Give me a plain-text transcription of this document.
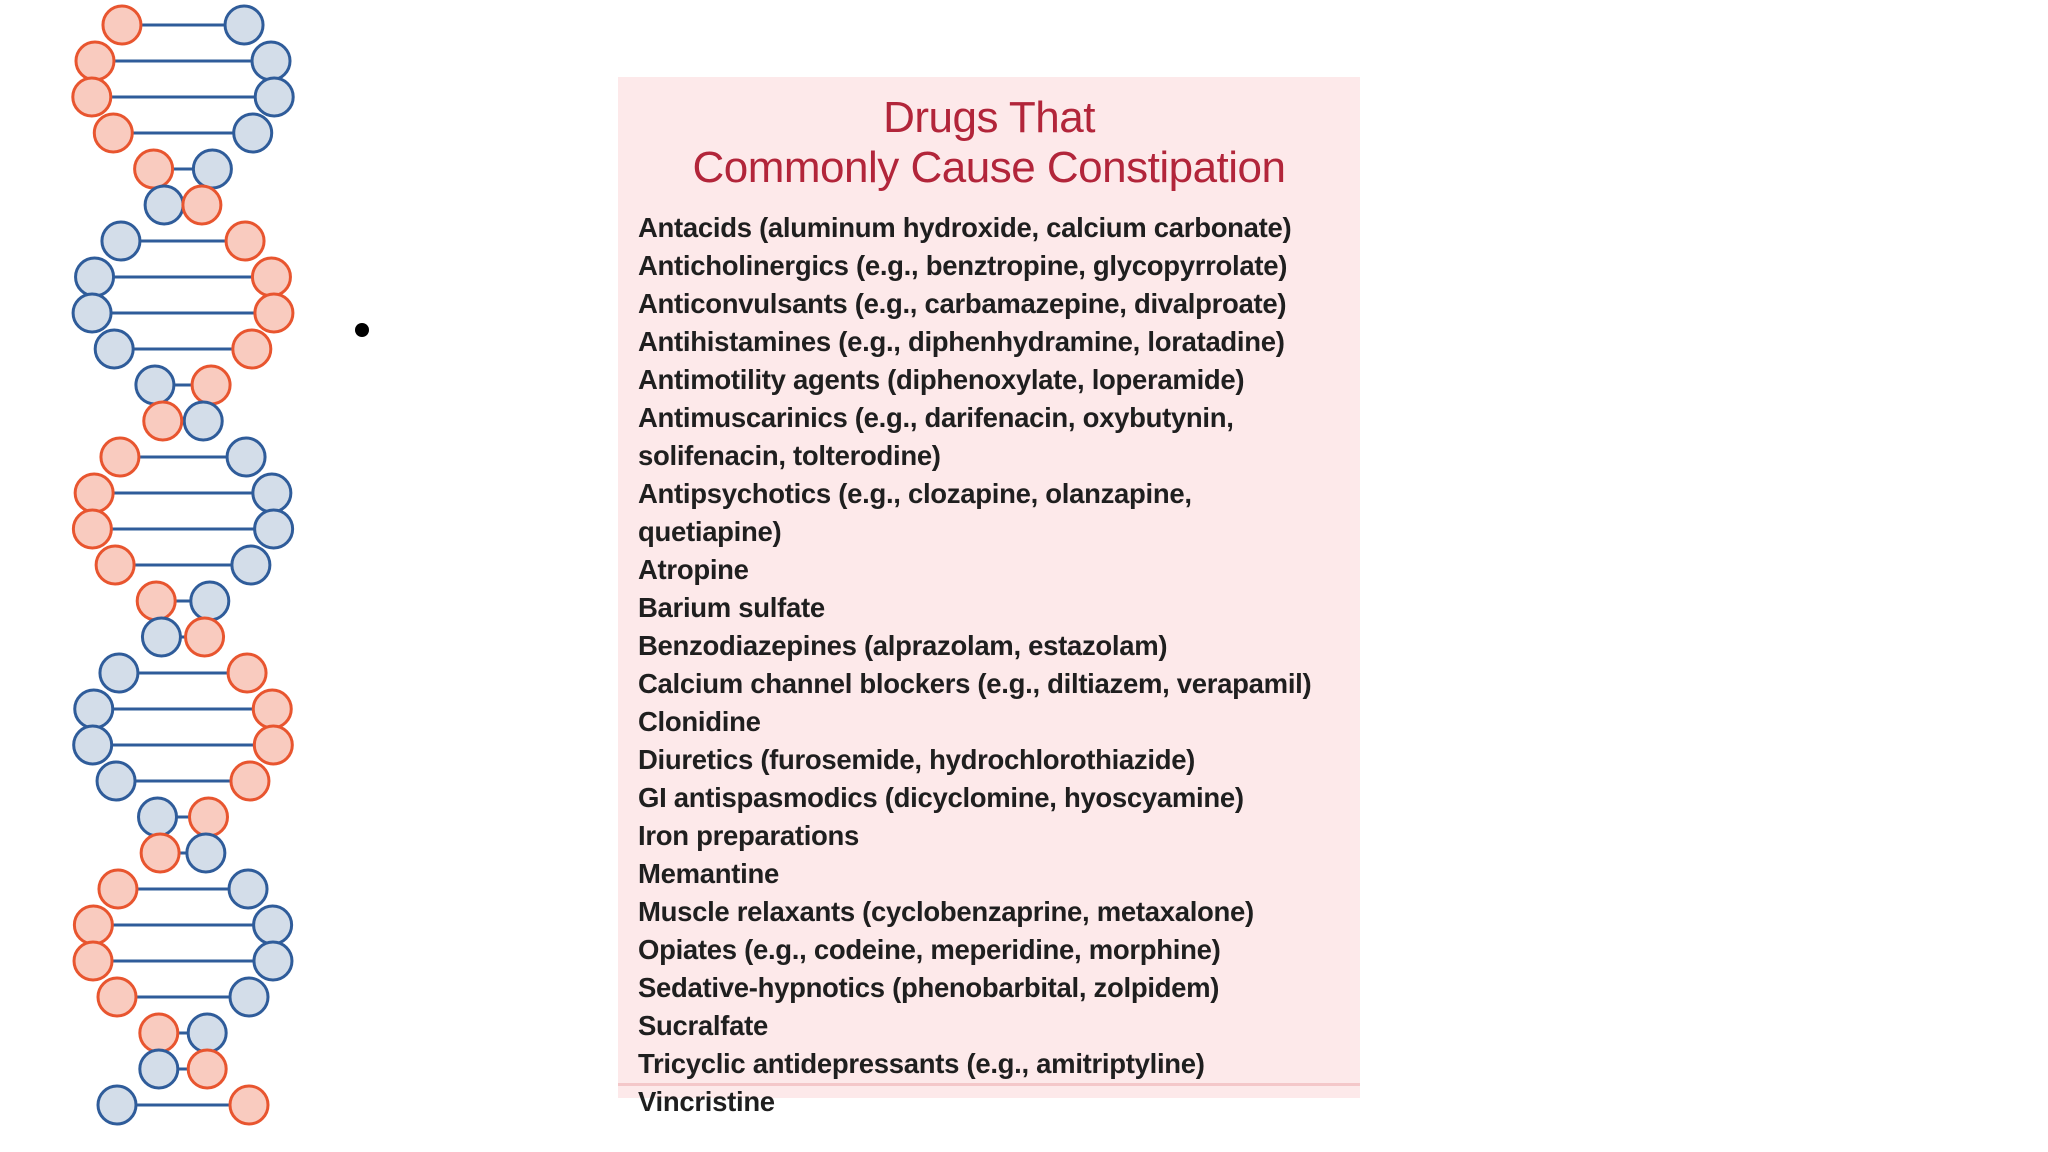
Drugs That
Commonly Cause Constipation
Antacids (aluminum hydroxide, calcium carbonate)
Anticholinergics (e.g., benztropine, glycopyrrolate)
Anticonvulsants (e.g., carbamazepine, divalproate)
Antihistamines (e.g., diphenhydramine, loratadine)
Antimotility agents (diphenoxylate, loperamide)
Antimuscarinics (e.g., darifenacin, oxybutynin, solifenacin, tolterodine)
Antipsychotics (e.g., clozapine, olanzapine, quetiapine)
Atropine
Barium sulfate
Benzodiazepines (alprazolam, estazolam)
Calcium channel blockers (e.g., diltiazem, verapamil)
Clonidine
Diuretics (furosemide, hydrochlorothiazide)
GI antispasmodics (dicyclomine, hyoscyamine)
Iron preparations
Memantine
Muscle relaxants (cyclobenzaprine, metaxalone)
Opiates (e.g., codeine, meperidine, morphine)
Sedative-hypnotics (phenobarbital, zolpidem)
Sucralfate
Tricyclic antidepressants (e.g., amitriptyline)
Vincristine
